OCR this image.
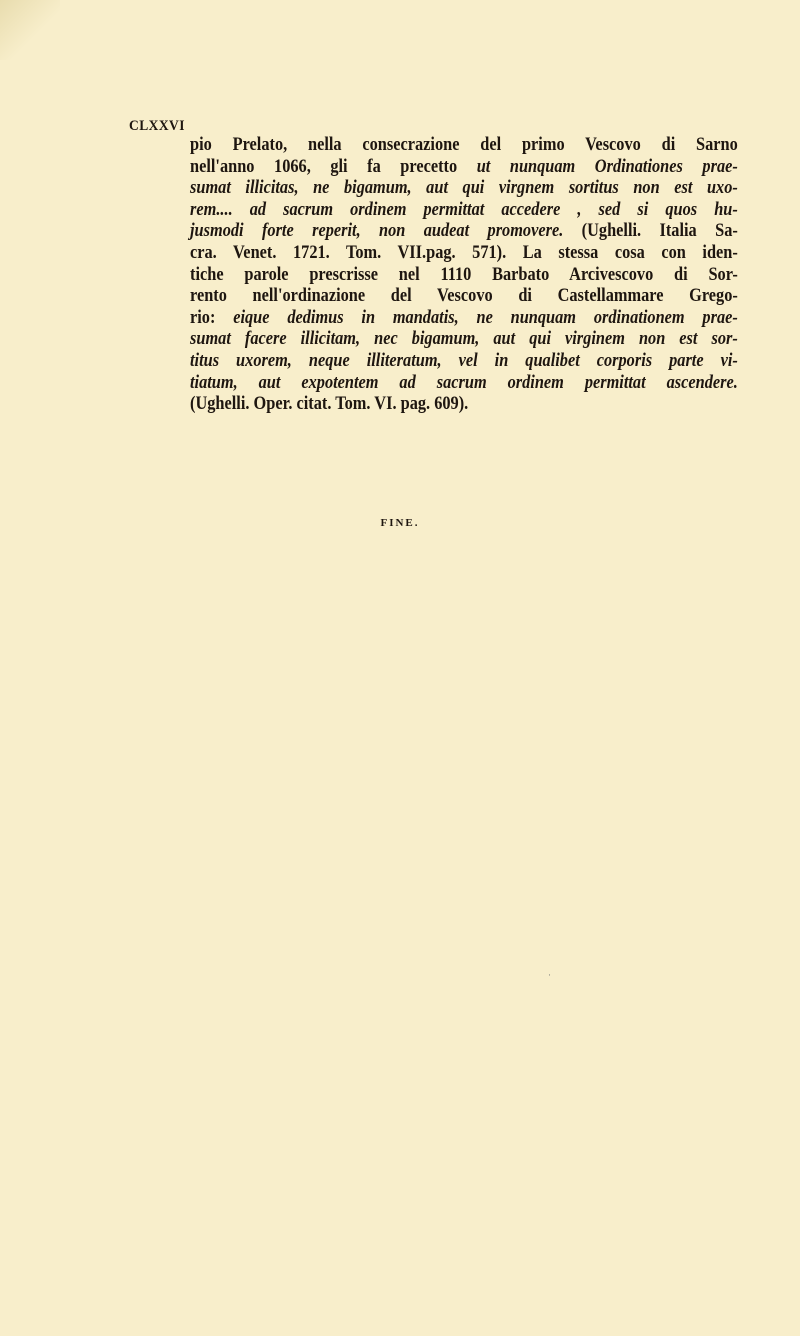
CLXXVI
pio Prelato, nella consecrazione del primo Vescovo di Sarno
nell'anno 1066, gli fa precetto ut nunquam Ordinationes prae-
sumat illicitas, ne bigamum, aut qui virgnem sortitus non est uxo-
rem.... ad sacrum ordinem permittat accedere , sed si quos hu-
jusmodi forte reperit, non audeat promovere. (Ughelli. Italia Sa-
cra. Venet. 1721. Tom. VII.pag. 571). La stessa cosa con iden-
tiche parole prescrisse nel 1110 Barbato Arcivescovo di Sor-
rento nell'ordinazione del Vescovo di Castellammare Grego-
rio: eique dedimus in mandatis, ne nunquam ordinationem prae-
sumat facere illicitam, nec bigamum, aut qui virginem non est sor-
titus uxorem, neque illiteratum, vel in qualibet corporis parte vi-
tiatum, aut expotentem ad sacrum ordinem permittat ascendere.
(Ughelli. Oper. citat. Tom. VI. pag. 609).
FINE.
·
